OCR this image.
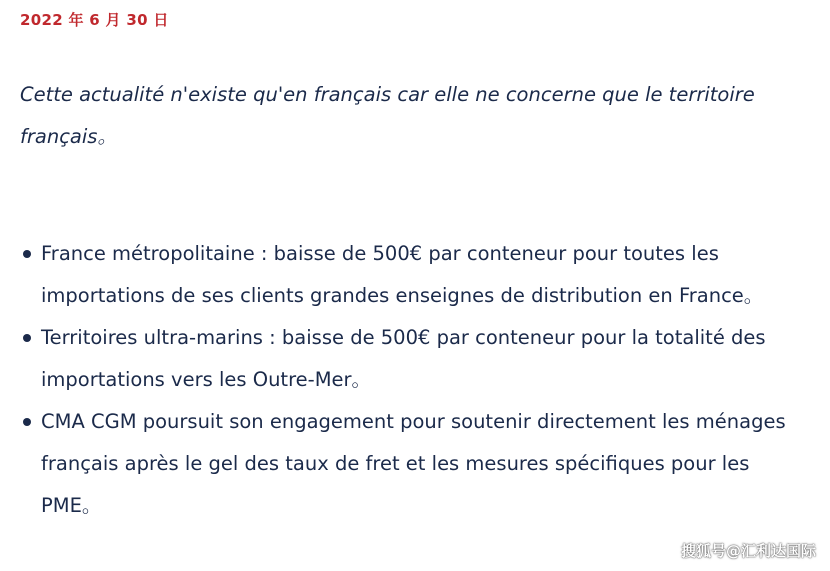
2022 年 6 月 30 日

Cette actualité n'existe qu'en français car elle ne concerne que le territoire français。

France métropolitaine : baisse de 500€ par conteneur pour toutes les importations de ses clients grandes enseignes de distribution en France。
Territoires ultra-marins : baisse de 500€ par conteneur pour la totalité des importations vers les Outre-Mer。
CMA CGM poursuit son engagement pour soutenir directement les ménages français après le gel des taux de fret et les mesures spécifiques pour les PME。
搜狐号@汇利达国际
